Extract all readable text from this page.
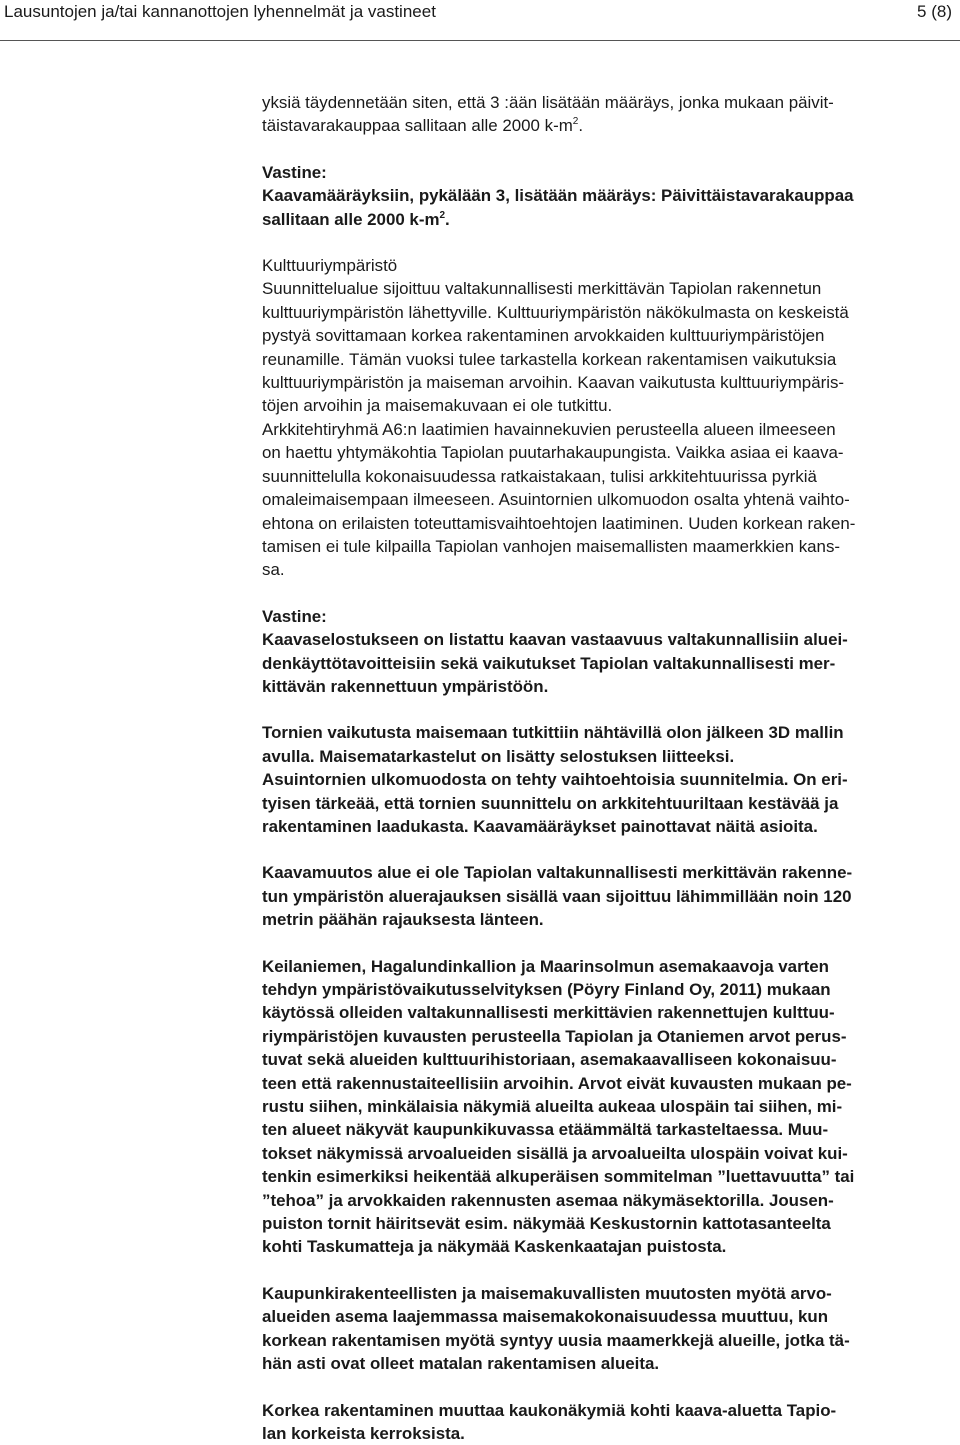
Lausuntojen ja/tai kannanottojen lyhennelmät ja vastineet	5 (8)

yksiä täydennetään siten, että 3 :ään lisätään määräys, jonka mukaan päivit-
täistavarakauppaa sallitaan alle 2000 $k-m^2$.

Vastine:

Kaavamääräyksiin, pykälään 3, lisätään määräys: Päivittäistavarakauppaa
sallitaan alle 2000 $k-m^2$.

Kulttuuriympäristö

Suunnittelualue sijoittuu valtakunnallisesti merkittävän Tapiolan rakennetun
kulttuuriympäristön lähettyville. Kulttuuriympäristön näkökulmasta on keskeistä
pystyä sovittamaan korkea rakentaminen arvokkaiden kulttuuriympäristöjen
reunamille. Tämän vuoksi tulee tarkastella korkean rakentamisen vaikutuksia
kulttuuriympäristön ja maiseman arvoihin. Kaavan vaikutusta kulttuuriympäris-
töjen arvoihin ja maisemakuvaan ei ole tutkittu.
Arkkitehtiryhmä A6:n laatimien havainnekuvien perusteella alueen ilmeeseen
on haettu yhtymäkohtia Tapiolan puutarhakaupungista. Vaikka asiaa ei kaava-
suunnittelulla kokonaisuudessa ratkaistakaan, tulisi arkkitehtuurissa pyrkiä
omaleimaisempaan ilmeeseen. Asuintornien ulkomuodon osalta yhtenä vaihto-
ehtona on erilaisten toteuttamisvaihtoehtojen laatiminen. Uuden korkean raken-
tamisen ei tule kilpailla Tapiolan vanhojen maisemallisten maamerkkien kans-
sa.

Vastine:

Kaavaselostukseen on listattu kaavan vastaavuus valtakunnallisiin aluei-
denkäyttötavoitteisiin sekä vaikutukset Tapiolan valtakunnallisesti mer-
kittävän rakennettuun ympäristöön.

Tornien vaikutusta maisemaan tutkittiin nähtävillä olon jälkeen 3D mallin
avulla. Maisematarkastelut on lisätty selostuksen liitteeksi.
Asuintornien ulkomuodosta on tehty vaihtoehtoisia suunnitelmia. On eri-
tyisen tärkeää, että tornien suunnittelu on arkkitehtuuriltaan kestävää ja
rakentaminen laadukasta. Kaavamääräykset painottavat näitä asioita.

Kaavamuutos alue ei ole Tapiolan valtakunnallisesti merkittävän rakenne-
tun ympäristön aluerajauksen sisällä vaan sijoittuu lähimmillään noin 120
metrin päähän rajauksesta länteen.

Keilaniemen, Hagalundinkallion ja Maarinsolmun asemakaavoja varten
tehdyn ympäristövaikutusselvityksen (Pöyry Finland Oy, 2011) mukaan
käytössä olleiden valtakunnallisesti merkittävien rakennettujen kulttuu-
riympäristöjen kuvausten perusteella Tapiolan ja Otaniemen arvot perus-
tuvat sekä alueiden kulttuurihistoriaan, asemakaavalliseen kokonaisuu-
teen että rakennustaiteellisiin arvoihin. Arvot eivät kuvausten mukaan pe-
rustu siihen, minkälaisia näkymiä alueilta aukeaa ulospäin tai siihen, mi-
ten alueet näkyvät kaupunkikuvassa etäämmältä tarkasteltaessa. Muu-
tokset näkymissä arvoalueiden sisällä ja arvoalueilta ulospäin voivat kui-
tenkin esimerkiksi heikentää alkuperäisen sommitelman ”luettavuutta” tai
”tehoa” ja arvokkaiden rakennusten asemaa näkymäsektorilla. Jousen-
puiston tornit häiritsevät esim. näkymää Keskustornin kattotasanteelta
kohti Taskumatteja ja näkymää Kaskenkaatajan puistosta.

Kaupunkirakenteellisten ja maisemakuvallisten muutosten myötä arvo-
alueiden asema laajemmassa maisemakokonaisuudessa muuttuu, kun
korkean rakentamisen myötä syntyy uusia maamerkkejä alueille, jotka tä-
hän asti ovat olleet matalan rakentamisen alueita.

Korkea rakentaminen muuttaa kaukonäkymiä kohti kaava-aluetta Tapio-
lan korkeista kerroksista.
